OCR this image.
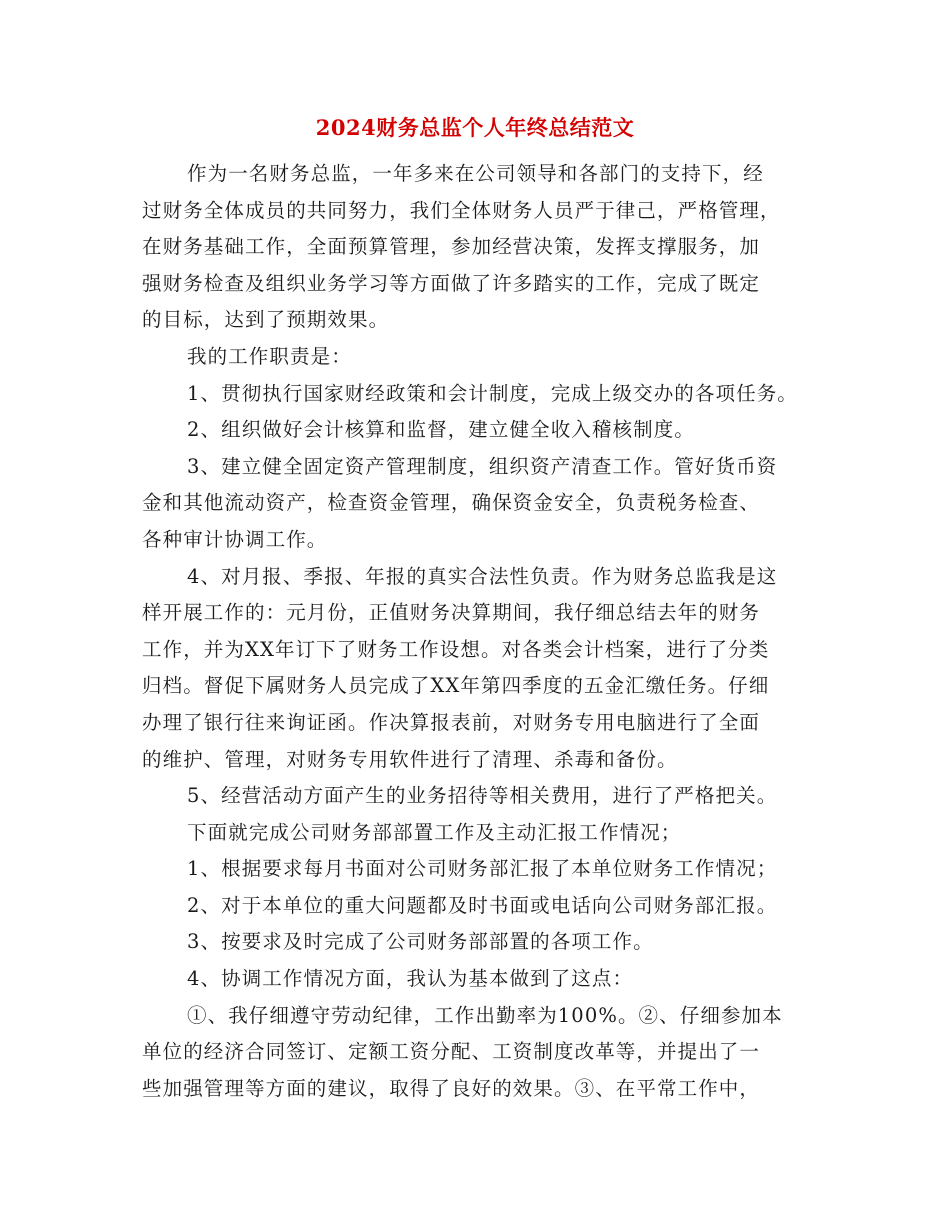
2024财务总监个人年终总结范文
作为一名财务总监，一年多来在公司领导和各部门的支持下，经
过财务全体成员的共同努力，我们全体财务人员严于律己，严格管理，
在财务基础工作，全面预算管理，参加经营决策，发挥支撑服务，加
强财务检查及组织业务学习等方面做了许多踏实的工作，完成了既定
的目标，达到了预期效果。
我的工作职责是：
1、贯彻执行国家财经政策和会计制度，完成上级交办的各项任务。
2、组织做好会计核算和监督，建立健全收入稽核制度。
3、建立健全固定资产管理制度，组织资产清查工作。管好货币资
金和其他流动资产，检查资金管理，确保资金安全，负责税务检查、
各种审计协调工作。
4、对月报、季报、年报的真实合法性负责。作为财务总监我是这
样开展工作的：元月份，正值财务决算期间，我仔细总结去年的财务
工作，并为XX年订下了财务工作设想。对各类会计档案，进行了分类
归档。督促下属财务人员完成了XX年第四季度的五金汇缴任务。仔细
办理了银行往来询证函。作决算报表前，对财务专用电脑进行了全面
的维护、管理，对财务专用软件进行了清理、杀毒和备份。
5、经营活动方面产生的业务招待等相关费用，进行了严格把关。
下面就完成公司财务部部置工作及主动汇报工作情况；
1、根据要求每月书面对公司财务部汇报了本单位财务工作情况；
2、对于本单位的重大问题都及时书面或电话向公司财务部汇报。
3、按要求及时完成了公司财务部部置的各项工作。
4、协调工作情况方面，我认为基本做到了这点：
①、我仔细遵守劳动纪律，工作出勤率为100%。②、仔细参加本
单位的经济合同签订、定额工资分配、工资制度改革等，并提出了一
些加强管理等方面的建议，取得了良好的效果。③、在平常工作中，
